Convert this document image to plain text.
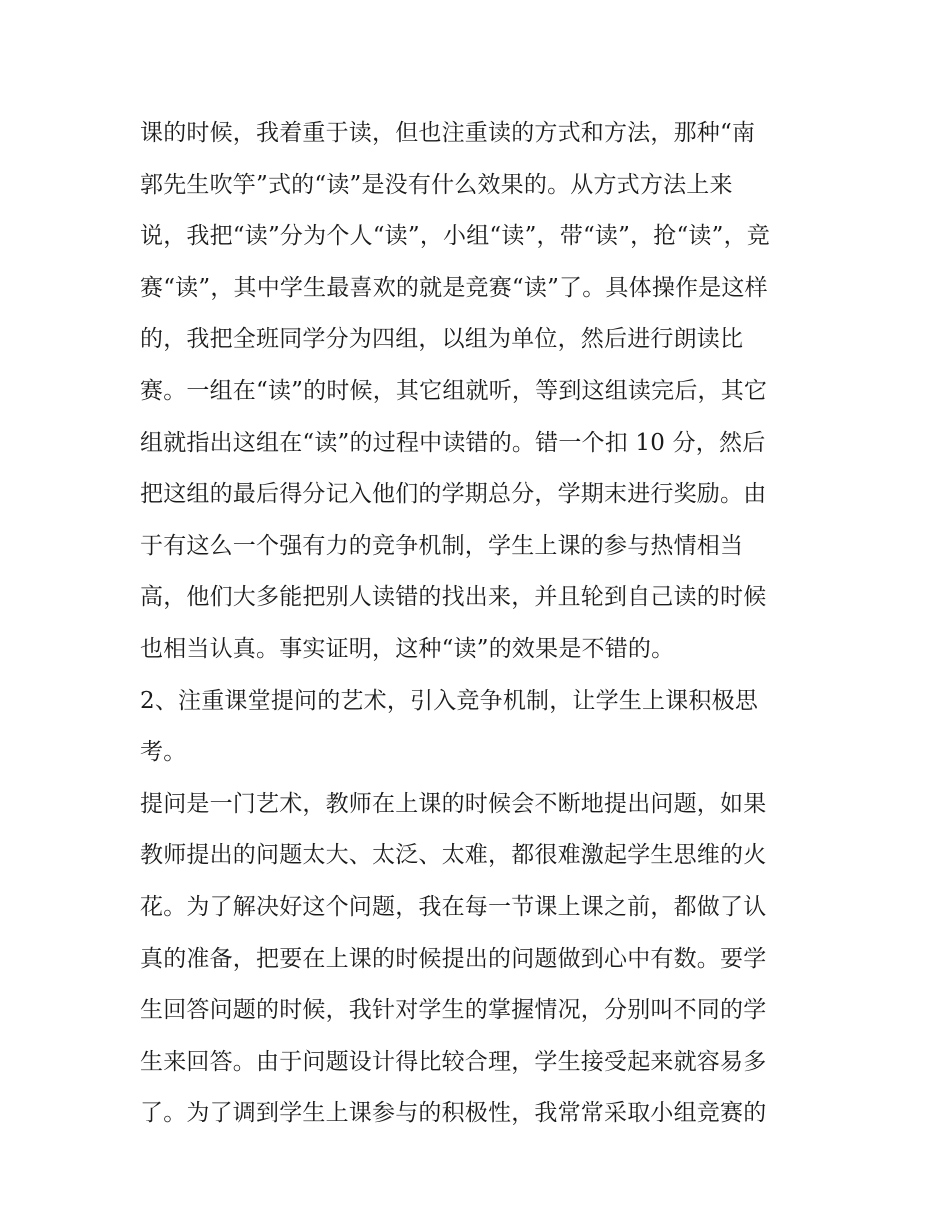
课的时候，我着重于读，但也注重读的方式和方法，那种“南
郭先生吹竽”式的“读”是没有什么效果的。从方式方法上来
说，我把“读”分为个人“读”，小组“读”，带“读”，抢“读”，竞
赛“读”，其中学生最喜欢的就是竞赛“读”了。具体操作是这样
的，我把全班同学分为四组，以组为单位，然后进行朗读比
赛。一组在“读”的时候，其它组就听，等到这组读完后，其它
组就指出这组在“读”的过程中读错的。错一个扣 10 分，然后
把这组的最后得分记入他们的学期总分，学期末进行奖励。由
于有这么一个强有力的竞争机制，学生上课的参与热情相当
高，他们大多能把别人读错的找出来，并且轮到自己读的时候
也相当认真。事实证明，这种“读”的效果是不错的。
2、注重课堂提问的艺术，引入竞争机制，让学生上课积极思
考。
提问是一门艺术，教师在上课的时候会不断地提出问题，如果
教师提出的问题太大、太泛、太难，都很难激起学生思维的火
花。为了解决好这个问题，我在每一节课上课之前，都做了认
真的准备，把要在上课的时候提出的问题做到心中有数。要学
生回答问题的时候，我针对学生的掌握情况，分别叫不同的学
生来回答。由于问题设计得比较合理，学生接受起来就容易多
了。为了调到学生上课参与的积极性，我常常采取小组竞赛的
